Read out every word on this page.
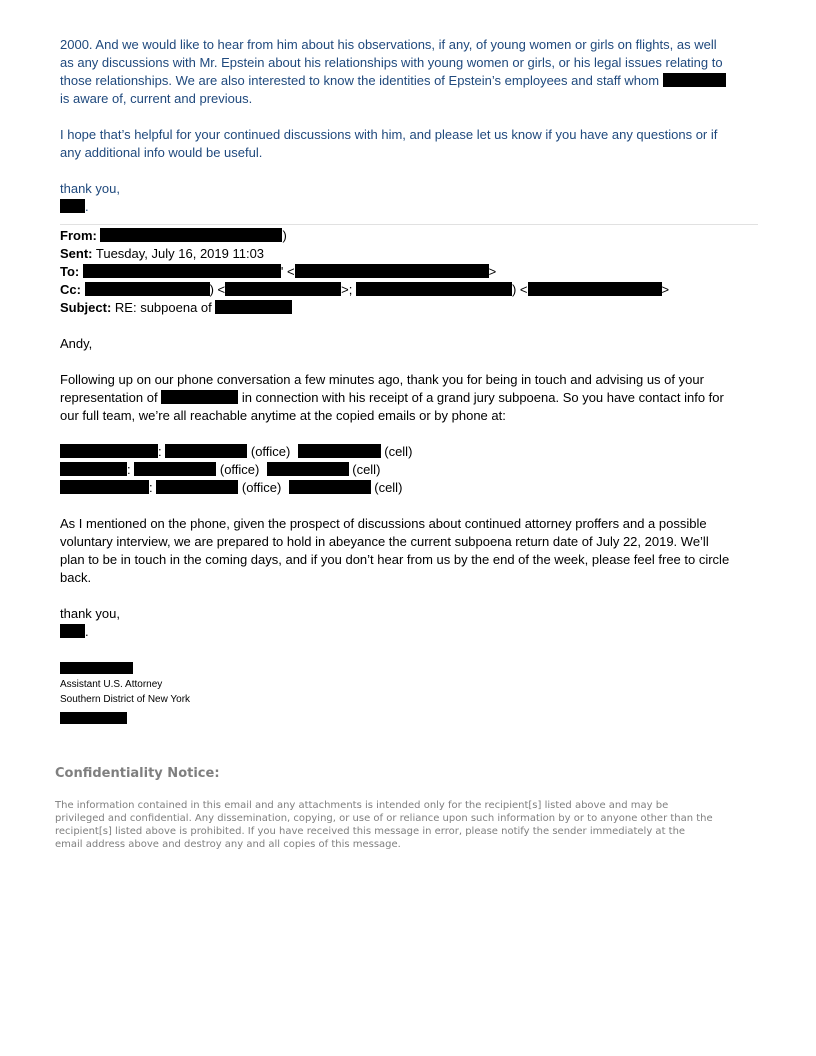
2000. And we would like to hear from him about his observations, if any, of young women or girls on flights, as well

as any discussions with Mr. Epstein about his relationships with young women or girls, or his legal issues relating to

those relationships. We are also interested to know the identities of Epstein’s employees and staff whom

is aware of, current and previous.

I hope that’s helpful for your continued discussions with him, and please let us know if you have any questions or if

any additional info would be useful.

thank you,

.

From:	)

Sent: Tuesday, July 16, 2019 11:03

To:	' <	>

Cc:	) <	>;	) <	>

Subject: RE: subpoena of

Andy,

Following up on our phone conversation a few minutes ago, thank you for being in touch and advising us of your

representation of	in connection with his receipt of a grand jury subpoena. So you have contact info for

our full team, we’re all reachable anytime at the copied emails or by phone at:

:	(office)	(cell)

:	(office)	(cell)

:	(office)	(cell)

As I mentioned on the phone, given the prospect of discussions about continued attorney proffers and a possible

voluntary interview, we are prepared to hold in abeyance the current subpoena return date of July 22, 2019. We’ll

plan to be in touch in the coming days, and if you don’t hear from us by the end of the week, please feel free to circle

back.

thank you,

.

Assistant U.S. Attorney

Southern District of New York

Confidentiality Notice:

The information contained in this email and any attachments is intended only for the recipient[s] listed above and may be

privileged and confidential. Any dissemination, copying, or use of or reliance upon such information by or to anyone other than the

recipient[s] listed above is prohibited. If you have received this message in error, please notify the sender immediately at the

email address above and destroy any and all copies of this message.
